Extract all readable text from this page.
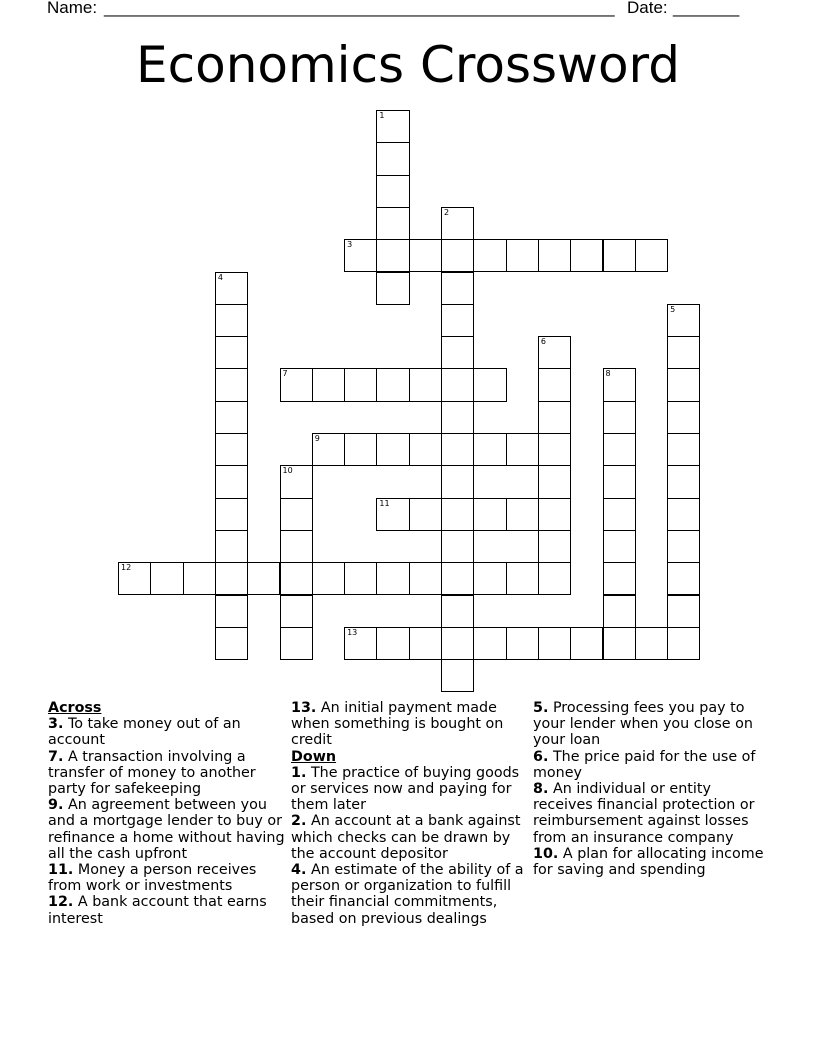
Name: ______________________________________________________ Date: _______
Economics Crossword
1
2
3
4
5
6
7	8
9
10
11
12
13
Across
3. To take money out of an account
7. A transaction involving a transfer of money to another party for safekeeping
9. An agreement between you and a mortgage lender to buy or refinance a home without having all the cash upfront
11. Money a person receives from work or investments
12. A bank account that earns interest
13. An initial payment made when something is bought on credit
Down
1. The practice of buying goods or services now and paying for them later
2. An account at a bank against which checks can be drawn by the account depositor
4. An estimate of the ability of a person or organization to fulfill their financial commitments, based on previous dealings
5. Processing fees you pay to your lender when you close on your loan
6. The price paid for the use of money
8. An individual or entity receives financial protection or reimbursement against losses from an insurance company
10. A plan for allocating income for saving and spending
